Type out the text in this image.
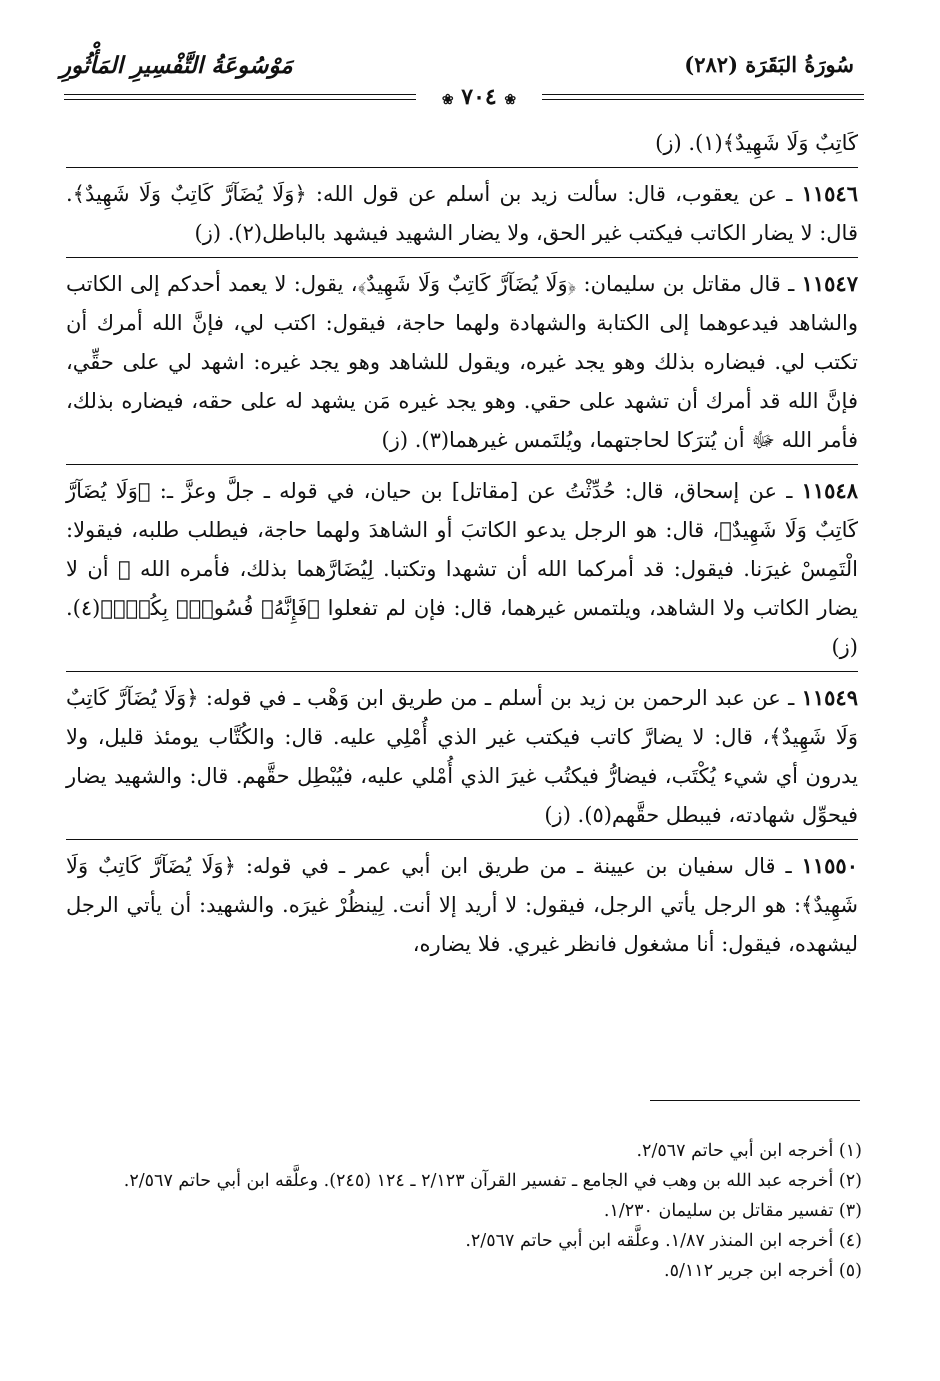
سُورَةُ البَقَرَة (٢٨٢)
مَوْسُوعَةُ التَّفْسِيرِ المَأْثُورِ
❀ ٧٠٤ ❀

كَاتِبٌ وَلَا شَهِيدٌ﴾(١). (ز)

١١٥٤٦ ـ عن يعقوب، قال: سألت زيد بن أسلم عن قول الله: ﴿وَلَا يُضَآرَّ كَاتِبٌ وَلَا شَهِيدٌ﴾. قال: لا يضار الكاتب فيكتب غير الحق، ولا يضار الشهيد فيشهد بالباطل(٢). (ز)

١١٥٤٧ ـ قال مقاتل بن سليمان: ﴿وَلَا يُضَآرَّ كَاتِبٌ وَلَا شَهِيدٌ﴾، يقول: لا يعمد أحدكم إلى الكاتب والشاهد فيدعوهما إلى الكتابة والشهادة ولهما حاجة، فيقول: اكتب لي، فإنَّ الله أمرك أن تكتب لي. فيضاره بذلك وهو يجد غيره، ويقول للشاهد وهو يجد غيره: اشهد لي على حقِّي، فإنَّ الله قد أمرك أن تشهد على حقي. وهو يجد غيره مَن يشهد له على حقه، فيضاره بذلك، فأمر الله ﷻ أن يُترَكا لحاجتهما، ويُلتَمس غيرهما(٣). (ز)

١١٥٤٨ ـ عن إسحاق، قال: حُدِّثْتُ عن [مقاتل] بن حيان، في قوله ـ جلَّ وعزَّ ـ: ﴿وَلَا يُضَآرَّ كَاتِبٌ وَلَا شَهِيدٌ﴾، قال: هو الرجل يدعو الكاتبَ أو الشاهدَ ولهما حاجة، فيطلب طلبه، فيقولا: الْتَمِسْ غيرَنا. فيقول: قد أمركما الله أن تشهدا وتكتبا. لِيُضَارَّهما بذلك، فأمره الله ﷻ أن لا يضار الكاتب ولا الشاهد، ويلتمس غيرهما، قال: فإن لم تفعلوا ﴿فَإِنَّهُۥ فُسُوقٌۢ بِكُمْۗ﴾(٤). (ز)

١١٥٤٩ ـ عن عبد الرحمن بن زيد بن أسلم ـ من طريق ابن وَهْب ـ في قوله: ﴿وَلَا يُضَآرَّ كَاتِبٌ وَلَا شَهِيدٌ﴾، قال: لا يضارَّ كاتب فيكتب غير الذي أُمْلِي عليه. قال: والكُتَّاب يومئذ قليل، ولا يدرون أي شيء يُكْتَب، فيضارُّ فيكتُب غيرَ الذي أُمْلي عليه، فيُبْطِل حقَّهم. قال: والشهيد يضار فيحوِّل شهادته، فيبطل حقَّهم(٥). (ز)

١١٥٥٠ ـ قال سفيان بن عيينة ـ من طريق ابن أبي عمر ـ في قوله: ﴿وَلَا يُضَآرَّ كَاتِبٌ وَلَا شَهِيدٌ﴾: هو الرجل يأتي الرجل، فيقول: لا أريد إلا أنت. لِينظُرْ غيرَه. والشهيد: أن يأتي الرجل ليشهده، فيقول: أنا مشغول فانظر غيري. فلا يضاره،

(١) أخرجه ابن أبي حاتم ٢/٥٦٧.

(٢) أخرجه عبد الله بن وهب في الجامع ـ تفسير القرآن ٢/١٢٣ ـ ١٢٤ (٢٤٥). وعلَّقه ابن أبي حاتم ٢/٥٦٧.

(٣) تفسير مقاتل بن سليمان ١/٢٣٠.

(٤) أخرجه ابن المنذر ١/٨٧. وعلَّقه ابن أبي حاتم ٢/٥٦٧.

(٥) أخرجه ابن جرير ٥/١١٢.
